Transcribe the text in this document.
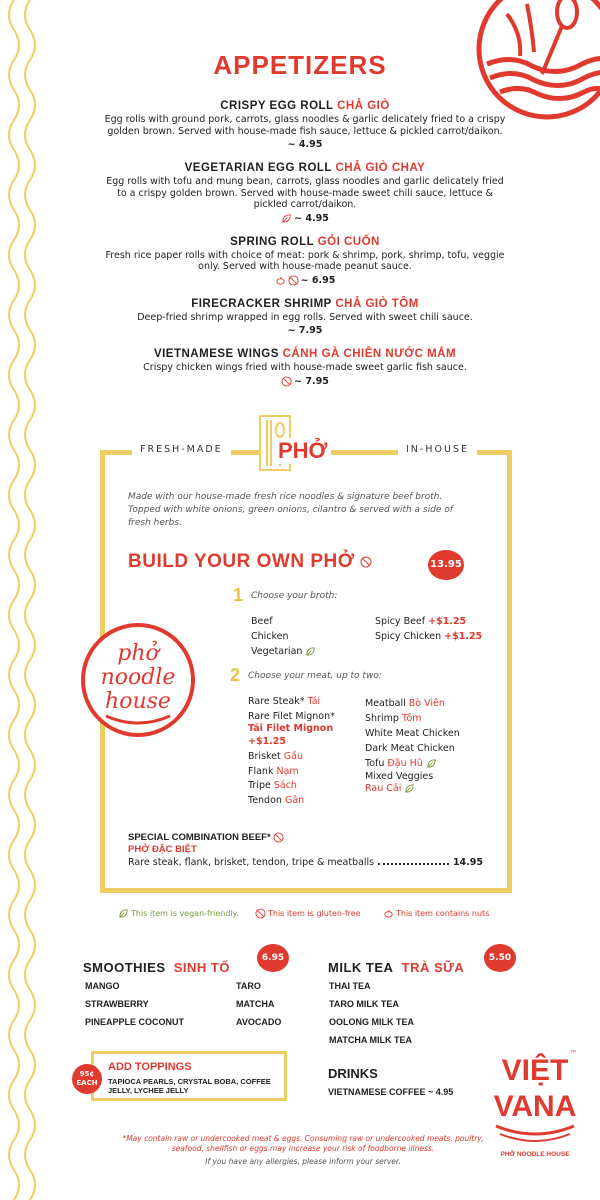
APPETIZERS
CRISPY EGG ROLL CHẢ GIÒ
Egg rolls with ground pork, carrots, glass noodles & garlic delicately fried to a crispy golden brown. Served with house-made fish sauce, lettuce & pickled carrot/daikon.
~ 4.95
VEGETARIAN EGG ROLL CHẢ GIÒ CHAY
Egg rolls with tofu and mung bean, carrots, glass noodles and garlic delicately fried to a crispy golden brown. Served with house-made sweet chili sauce, lettuce & pickled carrot/daikon.
~ 4.95
SPRING ROLL GỎI CUỐN
Fresh rice paper rolls with choice of meat: pork & shrimp, pork, shrimp, tofu, veggie only. Served with house-made peanut sauce.
~ 6.95
FIRECRACKER SHRIMP CHẢ GIÒ TÔM
Deep-fried shrimp wrapped in egg rolls. Served with sweet chili sauce.
~ 7.95
VIETNAMESE WINGS CÁNH GÀ CHIÊN NƯỚC MẮM
Crispy chicken wings fried with house-made sweet garlic fish sauce.
~ 7.95
FRESH-MADE	IN-HOUSE
PHỞ
Made with our house-made fresh rice noodles & signature beef broth. Topped with white onions, green onions, cilantro & served with a side of fresh herbs.
BUILD YOUR OWN PHỞ	13.95
1 Choose your broth:
Beef
Chicken
Vegetarian
Spicy Beef +$1.25
Spicy Chicken +$1.25
2 Choose your meat, up to two:
Rare Steak* Tái
Rare Filet Mignon*
Tái Filet Mignon +$1.25
Brisket Gầu
Flank Nạm
Tripe Sách
Tendon Gân
Meatball Bò Viên
Shrimp Tôm
White Meat Chicken
Dark Meat Chicken
Tofu Đậu Hũ
Mixed Veggies
Rau Cải
phở
noodle
house
SPECIAL COMBINATION BEEF*
PHỞ ĐẶC BIỆT
Rare steak, flank, brisket, tendon, tripe & meatballs	14.95
This item is vegan-friendly.	This item is gluten-free	This item contains nuts
SMOOTHIES SINH TỐ
6.95
MANGO
STRAWBERRY
PINEAPPLE COCONUT
TARO
MATCHA
AVOCADO
MILK TEA TRÀ SỮA
5.50
THAI TEA
TARO MILK TEA
OOLONG MILK TEA
MATCHA MILK TEA
95¢
EACH
ADD TOPPINGS
TAPIOCA PEARLS, CRYSTAL BOBA, COFFEE JELLY, LYCHEE JELLY
DRINKS
VIETNAMESE COFFEE ~ 4.95
VIỆT
™
VANA
PHỞ NOODLE HOUSE
*May contain raw or undercooked meat & eggs. Consuming raw or undercooked meats, poultry, seafood, shellfish or eggs may increase your risk of foodborne illness.
If you have any allergies, please inform your server.
